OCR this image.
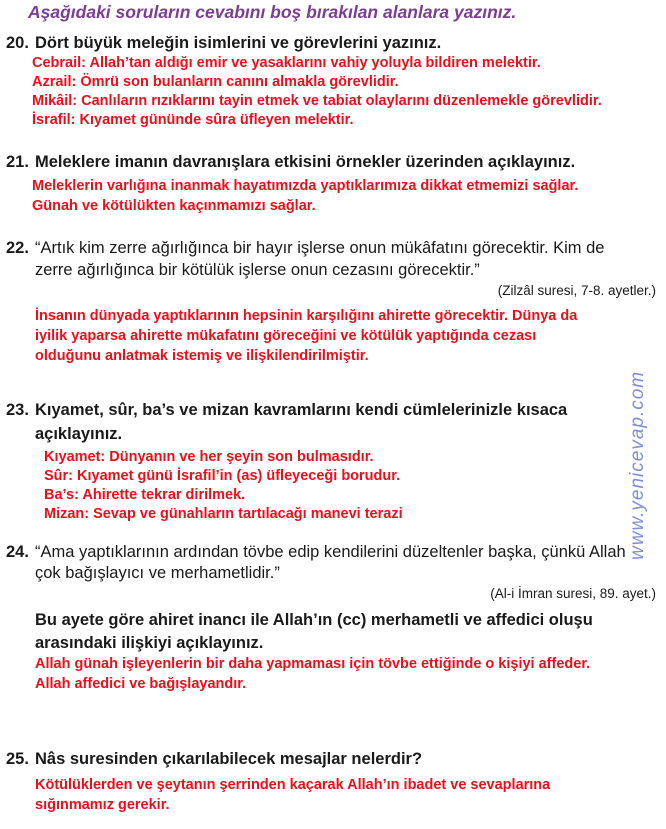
Aşağıdaki soruların cevabını boş bırakılan alanlara yazınız.
20. Dört büyük meleğin isimlerini ve görevlerini yazınız.
Cebrail: Allah’tan aldığı emir ve yasaklarını vahiy yoluyla bildiren melektir.
Azrail: Ömrü son bulanların canını almakla görevlidir.
Mikâil: Canlıların rızıklarını tayin etmek ve tabiat olaylarını düzenlemekle görevlidir.
İsrafil: Kıyamet gününde sûra üfleyen melektir.
21. Meleklere imanın davranışlara etkisini örnekler üzerinden açıklayınız.
Meleklerin varlığına inanmak hayatımızda yaptıklarımıza dikkat etmemizi sağlar.
Günah ve kötülükten kaçınmamızı sağlar.
22. “Artık kim zerre ağırlığınca bir hayır işlerse onun mükâfatını görecektir. Kim de
zerre ağırlığınca bir kötülük işlerse onun cezasını görecektir.”
(Zilzâl suresi, 7-8. ayetler.)
İnsanın dünyada yaptıklarının hepsinin karşılığını ahirette görecektir. Dünya da
iyilik yaparsa ahirette mükafatını göreceğini ve kötülük yaptığında cezası
olduğunu anlatmak istemiş ve ilişkilendirilmiştir.
23. Kıyamet, sûr, ba’s ve mizan kavramlarını kendi cümlelerinizle kısaca
açıklayınız.
Kıyamet: Dünyanın ve her şeyin son bulmasıdır.
Sûr: Kıyamet günü İsrafil’in (as) üfleyeceği borudur.
Ba’s: Ahirette tekrar dirilmek.
Mizan: Sevap ve günahların tartılacağı manevi terazi
24. “Ama yaptıklarının ardından tövbe edip kendilerini düzeltenler başka, çünkü Allah
çok bağışlayıcı ve merhametlidir.”
(Al-i İmran suresi, 89. ayet.)
Bu ayete göre ahiret inancı ile Allah’ın (cc) merhametli ve affedici oluşu
arasındaki ilişkiyi açıklayınız.
Allah günah işleyenlerin bir daha yapmaması için tövbe ettiğinde o kişiyi affeder.
Allah affedici ve bağışlayandır.
25. Nâs suresinden çıkarılabilecek mesajlar nelerdir?
Kötülüklerden ve şeytanın şerrinden kaçarak Allah’ın ibadet ve sevaplarına
sığınmamız gerekir.
www.yenicevap.com
